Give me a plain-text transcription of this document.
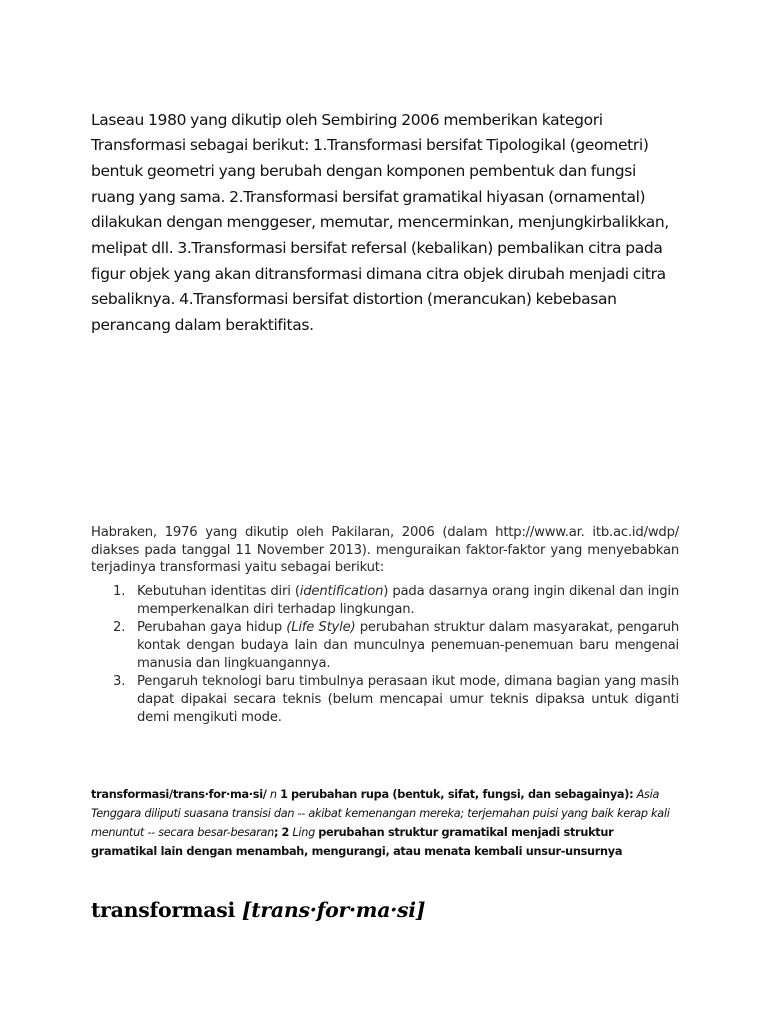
Laseau 1980 yang dikutip oleh Sembiring 2006 memberikan kategori Transformasi sebagai berikut: 1.Transformasi bersifat Tipologikal (geometri) bentuk geometri yang berubah dengan komponen pembentuk dan fungsi ruang yang sama. 2.Transformasi bersifat gramatikal hiyasan (ornamental) dilakukan dengan menggeser, memutar, mencerminkan, menjungkirbalikkan, melipat dll. 3.Transformasi bersifat refersal (kebalikan) pembalikan citra pada figur objek yang akan ditransformasi dimana citra objek dirubah menjadi citra sebaliknya. 4.Transformasi bersifat distortion (merancukan) kebebasan perancang dalam beraktifitas.

Habraken, 1976 yang dikutip oleh Pakilaran, 2006 (dalam http://www.ar. itb.ac.id/wdp/ diakses pada tanggal 11 November 2013). menguraikan faktor-faktor yang menyebabkan terjadinya transformasi yaitu sebagai berikut:

1. Kebutuhan identitas diri (identification) pada dasarnya orang ingin dikenal dan ingin memperkenalkan diri terhadap lingkungan.
2. Perubahan gaya hidup (Life Style) perubahan struktur dalam masyarakat, pengaruh kontak dengan budaya lain dan munculnya penemuan-penemuan baru mengenai manusia dan lingkuangannya.
3. Pengaruh teknologi baru timbulnya perasaan ikut mode, dimana bagian yang masih dapat dipakai secara teknis (belum mencapai umur teknis dipaksa untuk diganti demi mengikuti mode.

transformasi/trans·for·ma·si/ n 1 perubahan rupa (bentuk, sifat, fungsi, dan sebagainya): Asia Tenggara diliputi suasana transisi dan -- akibat kemenangan mereka; terjemahan puisi yang baik kerap kali menuntut -- secara besar-besaran; 2 Ling perubahan struktur gramatikal menjadi struktur gramatikal lain dengan menambah, mengurangi, atau menata kembali unsur-unsurnya

transformasi [trans·for·ma·si]
